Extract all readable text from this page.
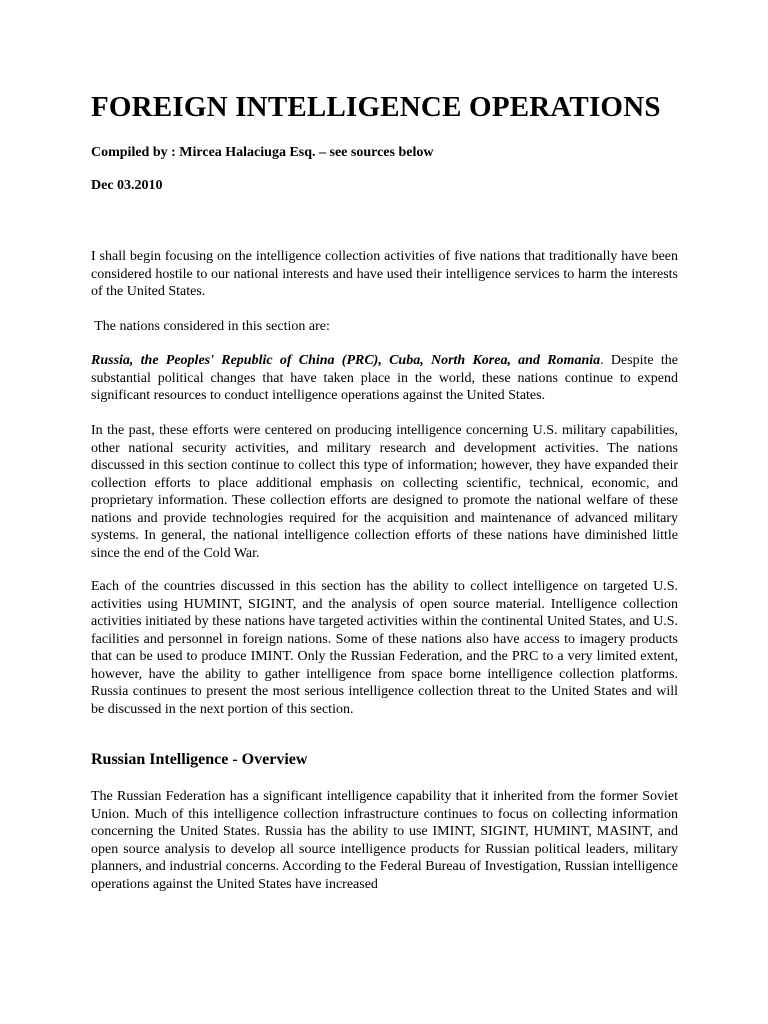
FOREIGN INTELLIGENCE OPERATIONS

Compiled by : Mircea Halaciuga Esq. – see sources below

Dec 03.2010

I shall begin focusing on the intelligence collection activities of five nations that traditionally have been considered hostile to our national interests and have used their intelligence services to harm the interests of the United States.

The nations considered in this section are:

Russia, the Peoples' Republic of China (PRC), Cuba, North Korea, and Romania. Despite the substantial political changes that have taken place in the world, these nations continue to expend significant resources to conduct intelligence operations against the United States.

In the past, these efforts were centered on producing intelligence concerning U.S. military capabilities, other national security activities, and military research and development activities. The nations discussed in this section continue to collect this type of information; however, they have expanded their collection efforts to place additional emphasis on collecting scientific, technical, economic, and proprietary information. These collection efforts are designed to promote the national welfare of these nations and provide technologies required for the acquisition and maintenance of advanced military systems. In general, the national intelligence collection efforts of these nations have diminished little since the end of the Cold War.

Each of the countries discussed in this section has the ability to collect intelligence on targeted U.S. activities using HUMINT, SIGINT, and the analysis of open source material. Intelligence collection activities initiated by these nations have targeted activities within the continental United States, and U.S. facilities and personnel in foreign nations. Some of these nations also have access to imagery products that can be used to produce IMINT. Only the Russian Federation, and the PRC to a very limited extent, however, have the ability to gather intelligence from space borne intelligence collection platforms. Russia continues to present the most serious intelligence collection threat to the United States and will be discussed in the next portion of this section.

Russian Intelligence - Overview

The Russian Federation has a significant intelligence capability that it inherited from the former Soviet Union. Much of this intelligence collection infrastructure continues to focus on collecting information concerning the United States. Russia has the ability to use IMINT, SIGINT, HUMINT, MASINT, and open source analysis to develop all source intelligence products for Russian political leaders, military planners, and industrial concerns. According to the Federal Bureau of Investigation, Russian intelligence operations against the United States have increased
